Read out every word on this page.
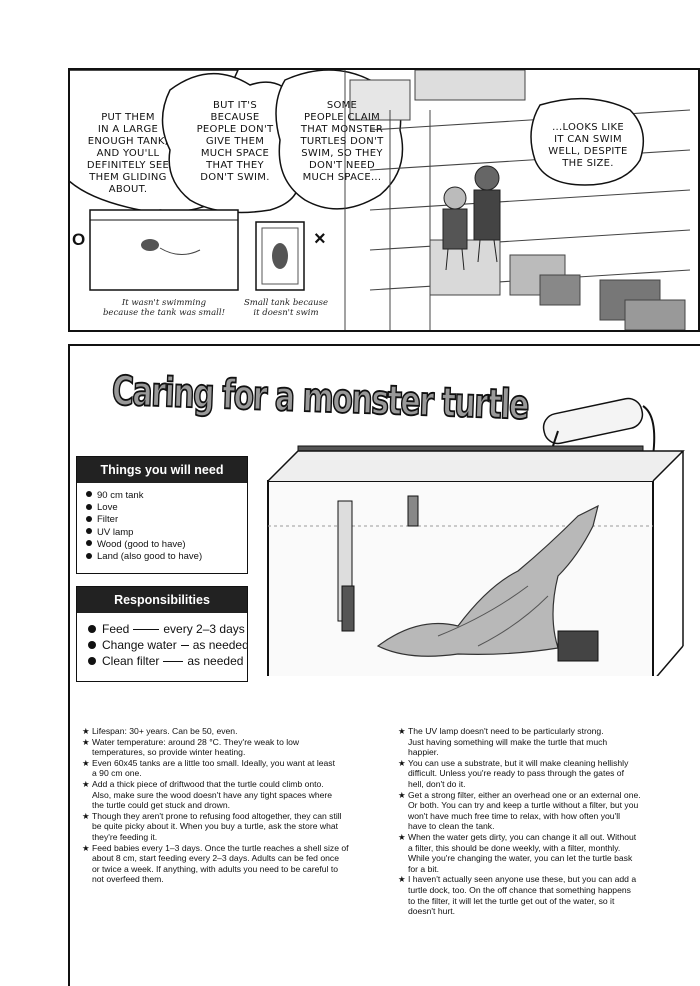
PUT THEM
IN A LARGE
ENOUGH TANK,
AND YOU'LL
DEFINITELY SEE
THEM GLIDING
ABOUT.
BUT IT'S
BECAUSE
PEOPLE DON'T
GIVE THEM
MUCH SPACE
THAT THEY
DON'T SWIM.
SOME
PEOPLE CLAIM
THAT MONSTER
TURTLES DON'T
SWIM, SO THEY
DON'T NEED
MUCH SPACE...
...LOOKS LIKE
IT CAN SWIM
WELL, DESPITE
THE SIZE.
O	×
It wasn't swimming
because the tank was small!
Small tank because
it doesn't swim
Caring for a monster turtle
Things you will need
90 cm tank
Love
Filter
UV lamp
Wood (good to have)
Land (also good to have)
Responsibilities
Feed	every 2–3 days
Change water as needed
Clean filter as needed
★ Lifespan: 30+ years. Can be 50, even.
★ Water temperature: around 28 °C. They're weak to low
temperatures, so provide winter heating.
★ Even 60x45 tanks are a little too small. Ideally, you want at least
a 90 cm one.
★ Add a thick piece of driftwood that the turtle could climb onto.
Also, make sure the wood doesn't have any tight spaces where
the turtle could get stuck and drown.
★ Though they aren't prone to refusing food altogether, they can still
be quite picky about it. When you buy a turtle, ask the store what
they're feeding it.
★ Feed babies every 1–3 days. Once the turtle reaches a shell size of
about 8 cm, start feeding every 2–3 days. Adults can be fed once
or twice a week. If anything, with adults you need to be careful to
not overfeed them.
★ The UV lamp doesn't need to be particularly strong.
Just having something will make the turtle that much
happier.
★ You can use a substrate, but it will make cleaning hellishly
difficult. Unless you're ready to pass through the gates of
hell, don't do it.
★ Get a strong filter, either an overhead one or an external one.
Or both. You can try and keep a turtle without a filter, but you
won't have much free time to relax, with how often you'll
have to clean the tank.
★ When the water gets dirty, you can change it all out. Without
a filter, this should be done weekly, with a filter, monthly.
While you're changing the water, you can let the turtle bask
for a bit.
★ I haven't actually seen anyone use these, but you can add a
turtle dock, too. On the off chance that something happens
to the filter, it will let the turtle get out of the water, so it
doesn't hurt.
